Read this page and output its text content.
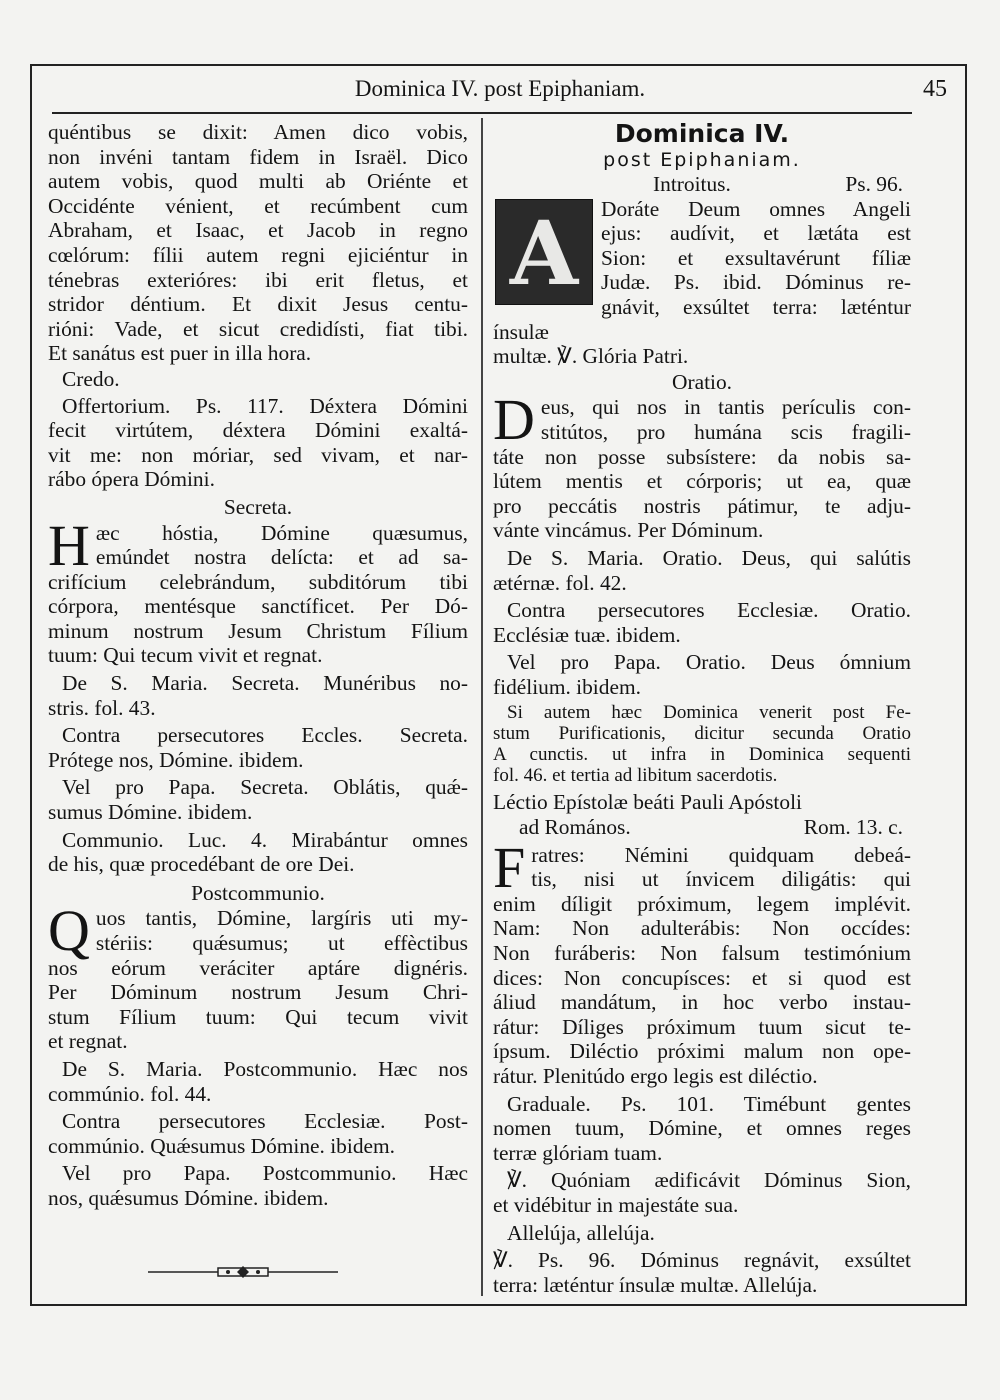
Dominica IV. post Epiphaniam.	45
quéntibus se dixit: Amen dico vobis,
non invéni tantam fidem in Israël. Dico
autem vobis, quod multi ab Oriénte et
Occidénte vénient, et recúmbent cum
Abraham, et Isaac, et Jacob in regno
cœlórum: fílii autem regni ejiciéntur in
ténebras exterióres: ibi erit fletus, et
stridor déntium. Et dixit Jesus centu-
rióni: Vade, et sicut credidísti, fiat tibi.
Et sanátus est puer in illa hora.
Credo.
Offertorium. Ps. 117. Déxtera Dómini
fecit virtútem, déxtera Dómini exaltá-
vit me: non móriar, sed vivam, et nar-
rábo ópera Dómini.
Secreta.
H æc hóstia, Dómine quæsumus,
emúndet nostra delícta: et ad sa-
crifícium celebrándum, subditórum tibi
córpora, mentésque sanctíficet. Per Dó-
minum nostrum Jesum Christum Fílium
tuum: Qui tecum vivit et regnat.
De S. Maria. Secreta. Munéribus no-
stris. fol. 43.
Contra persecutores Eccles. Secreta.
Prótege nos, Dómine. ibidem.
Vel pro Papa. Secreta. Oblátis, quǽ-
sumus Dómine. ibidem.
Communio. Luc. 4. Mirabántur omnes
de his, quæ procedébant de ore Dei.
Postcommunio.
Q uos tantis, Dómine, largíris uti my-
stériis: quǽsumus; ut effèctibus
nos eórum veráciter aptáre dignéris.
Per Dóminum nostrum Jesum Chri-
stum Fílium tuum: Qui tecum vivit
et regnat.
De S. Maria. Postcommunio. Hæc nos
commúnio. fol. 44.
Contra persecutores Ecclesiæ. Post-
commúnio. Quǽsumus Dómine. ibidem.
Vel pro Papa. Postcommunio. Hæc
nos, quǽsumus Dómine. ibidem.
Dominica IV.
post Epiphaniam.
Introitus.	Ps. 96.
A	Doráte Deum omnes Angeli
ejus: audívit, et lætáta est
Sion: et exsultavérunt fíliæ
Judæ. Ps. ibid. Dóminus re-
gnávit, exsúltet terra: læténtur ínsulæ
multæ. ℣. Glória Patri.
Oratio.
D eus, qui nos in tantis perículis con-
stitútos, pro humána scis fragili-
táte non posse subsístere: da nobis sa-
lútem mentis et córporis; ut ea, quæ
pro peccátis nostris pátimur, te adju-
vánte vincámus. Per Dóminum.
De S. Maria. Oratio. Deus, qui salútis
ætérnæ. fol. 42.
Contra persecutores Ecclesiæ. Oratio.
Ecclésiæ tuæ. ibidem.
Vel pro Papa. Oratio. Deus ómnium
fidélium. ibidem.
Si autem hæc Dominica venerit post Fe-
stum Purificationis, dicitur secunda Oratio
A cunctis. ut infra in Dominica sequenti
fol. 46. et tertia ad libitum sacerdotis.
Léctio Epístolæ beáti Pauli Apóstoli
ad Romános.	Rom. 13. c.
F ratres: Némini quidquam debeá-
tis, nisi ut ínvicem diligátis: qui
enim díligit próximum, legem implévit.
Nam: Non adulterábis: Non occídes:
Non furáberis: Non falsum testimónium
dices: Non concupísces: et si quod est
áliud mandátum, in hoc verbo instau-
rátur: Díliges próximum tuum sicut te-
ípsum. Diléctio próximi malum non ope-
rátur. Plenitúdo ergo legis est diléctio.
Graduale. Ps. 101. Timébunt gentes
nomen tuum, Dómine, et omnes reges
terræ glóriam tuam.
℣. Quóniam ædificávit Dóminus Sion,
et vidébitur in majestáte sua.
Allelúja, allelúja.
℣. Ps. 96. Dóminus regnávit, exsúltet
terra: læténtur ínsulæ multæ. Allelúja.
